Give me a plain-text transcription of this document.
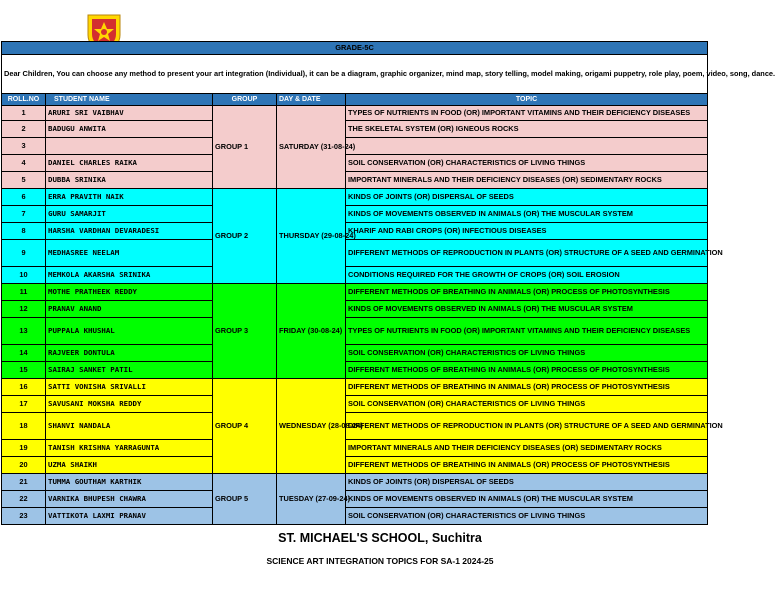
GRADE-5C				
Dear Children, You can choose any method to present your art integration (Individual), it can be a diagram, graphic organizer, mind map, story telling, model making, origami puppetry, role play, poem, video, song, dance.				
ROLL.NO	STUDENT NAME	GROUP	DAY & DATE	TOPIC
1	ARURI SRI VAIBHAV	GROUP 1	SATURDAY (31-08-24)	TYPES OF NUTRIENTS IN FOOD (OR) IMPORTANT VITAMINS AND THEIR DEFICIENCY DISEASES
2	BADUGU ANWITA			THE SKELETAL SYSTEM (OR) IGNEOUS ROCKS
3				
4	DANIEL CHARLES RAIKA			SOIL CONSERVATION (OR) CHARACTERISTICS OF LIVING THINGS
5	DUBBA SRINIKA			IMPORTANT MINERALS AND THEIR DEFICIENCY DISEASES (OR) SEDIMENTARY ROCKS
6	ERRA PRAVITH NAIK	GROUP 2	THURSDAY (29-08-24)	KINDS OF JOINTS (OR) DISPERSAL OF SEEDS
7	GURU SAMARJIT			KINDS OF MOVEMENTS OBSERVED IN ANIMALS (OR) THE MUSCULAR SYSTEM
8	HARSHA VARDHAN DEVARADESI			KHARIF AND RABI CROPS (OR) INFECTIOUS DISEASES
9	MEDHASREE NEELAM			DIFFERENT METHODS OF REPRODUCTION IN PLANTS (OR) STRUCTURE OF A SEED AND GERMINATION
10	MEMKOLA AKARSHA SRINIKA			CONDITIONS REQUIRED FOR THE GROWTH OF CROPS (OR) SOIL EROSION
11	MOTHE PRATHEEK REDDY	GROUP 3	FRIDAY (30-08-24)	DIFFERENT METHODS OF BREATHING IN ANIMALS (OR) PROCESS OF PHOTOSYNTHESIS
12	PRANAV ANAND			KINDS OF MOVEMENTS OBSERVED IN ANIMALS (OR) THE MUSCULAR SYSTEM
13	PUPPALA KHUSHAL			TYPES OF NUTRIENTS IN FOOD (OR) IMPORTANT VITAMINS AND THEIR DEFICIENCY DISEASES
14	RAJVEER DONTULA			SOIL CONSERVATION (OR) CHARACTERISTICS OF LIVING THINGS
15	SAIRAJ SANKET PATIL			DIFFERENT METHODS OF BREATHING IN ANIMALS (OR) PROCESS OF PHOTOSYNTHESIS
16	SATTI VONISHA SRIVALLI	GROUP 4	WEDNESDAY (28-08-24)	DIFFERENT METHODS OF BREATHING IN ANIMALS (OR) PROCESS OF PHOTOSYNTHESIS
17	SAVUSANI MOKSHA REDDY			SOIL CONSERVATION (OR) CHARACTERISTICS OF LIVING THINGS
18	SHANVI NANDALA			DIFFERENT METHODS OF REPRODUCTION IN PLANTS (OR) STRUCTURE OF A SEED AND GERMINATION
19	TANISH KRISHNA YARRAGUNTA			IMPORTANT MINERALS AND THEIR DEFICIENCY DISEASES (OR) SEDIMENTARY ROCKS
20	UZMA SHAIKH			DIFFERENT METHODS OF BREATHING IN ANIMALS (OR) PROCESS OF PHOTOSYNTHESIS
21	TUMMA GOUTHAM KARTHIK	GROUP 5	TUESDAY (27-09-24)	KINDS OF JOINTS (OR) DISPERSAL OF SEEDS
22	VARNIKA BHUPESH CHAWRA			KINDS OF MOVEMENTS OBSERVED IN ANIMALS (OR) THE MUSCULAR SYSTEM
23	VATTIKOTA LAXMI PRANAV			SOIL CONSERVATION (OR) CHARACTERISTICS OF LIVING THINGS
ST. MICHAEL'S SCHOOL, Suchitra
SCIENCE ART INTEGRATION TOPICS FOR SA-1 2024-25
